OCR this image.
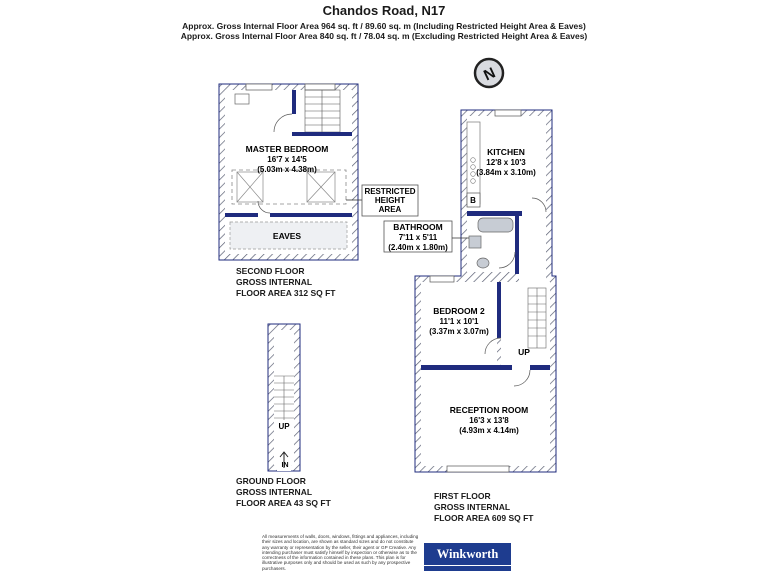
Chandos Road, N17
Approx. Gross Internal Floor Area 964 sq. ft / 89.60 sq. m (Including Restricted Height Area & Eaves)
Approx. Gross Internal Floor Area 840 sq. ft / 78.04 sq. m (Excluding Restricted Height Area & Eaves)
N
MASTER BEDROOM
16'7 x 14'5
(5.03m x 4.38m)
EAVES
RESTRICTED
HEIGHT
AREA
UP
IN
B
UP
KITCHEN
12'8 x 10'3
(3.84m x 3.10m)
BATHROOM
7'11 x 5'11
(2.40m x 1.80m)
BEDROOM 2
11'1 x 10'1
(3.37m x 3.07m)
RECEPTION ROOM
16'3 x 13'8
(4.93m x 4.14m)
SECOND FLOOR
GROSS INTERNAL
FLOOR AREA 312 SQ FT
GROUND FLOOR
GROSS INTERNAL
FLOOR AREA 43 SQ FT
FIRST FLOOR
GROSS INTERNAL
FLOOR AREA 609 SQ FT
All measurements of walls, doors, windows, fittings and appliances, including their sizes and location, are shown as standard sizes and do not constitute any warranty or representation by the seller, their agent or GP Creative. Any intending purchaser must satisfy himself by inspection or otherwise as to the correctness of the information contained in these plans. This plan is for illustrative purposes only and should be used as such by any prospective purchasers.
Winkworth
